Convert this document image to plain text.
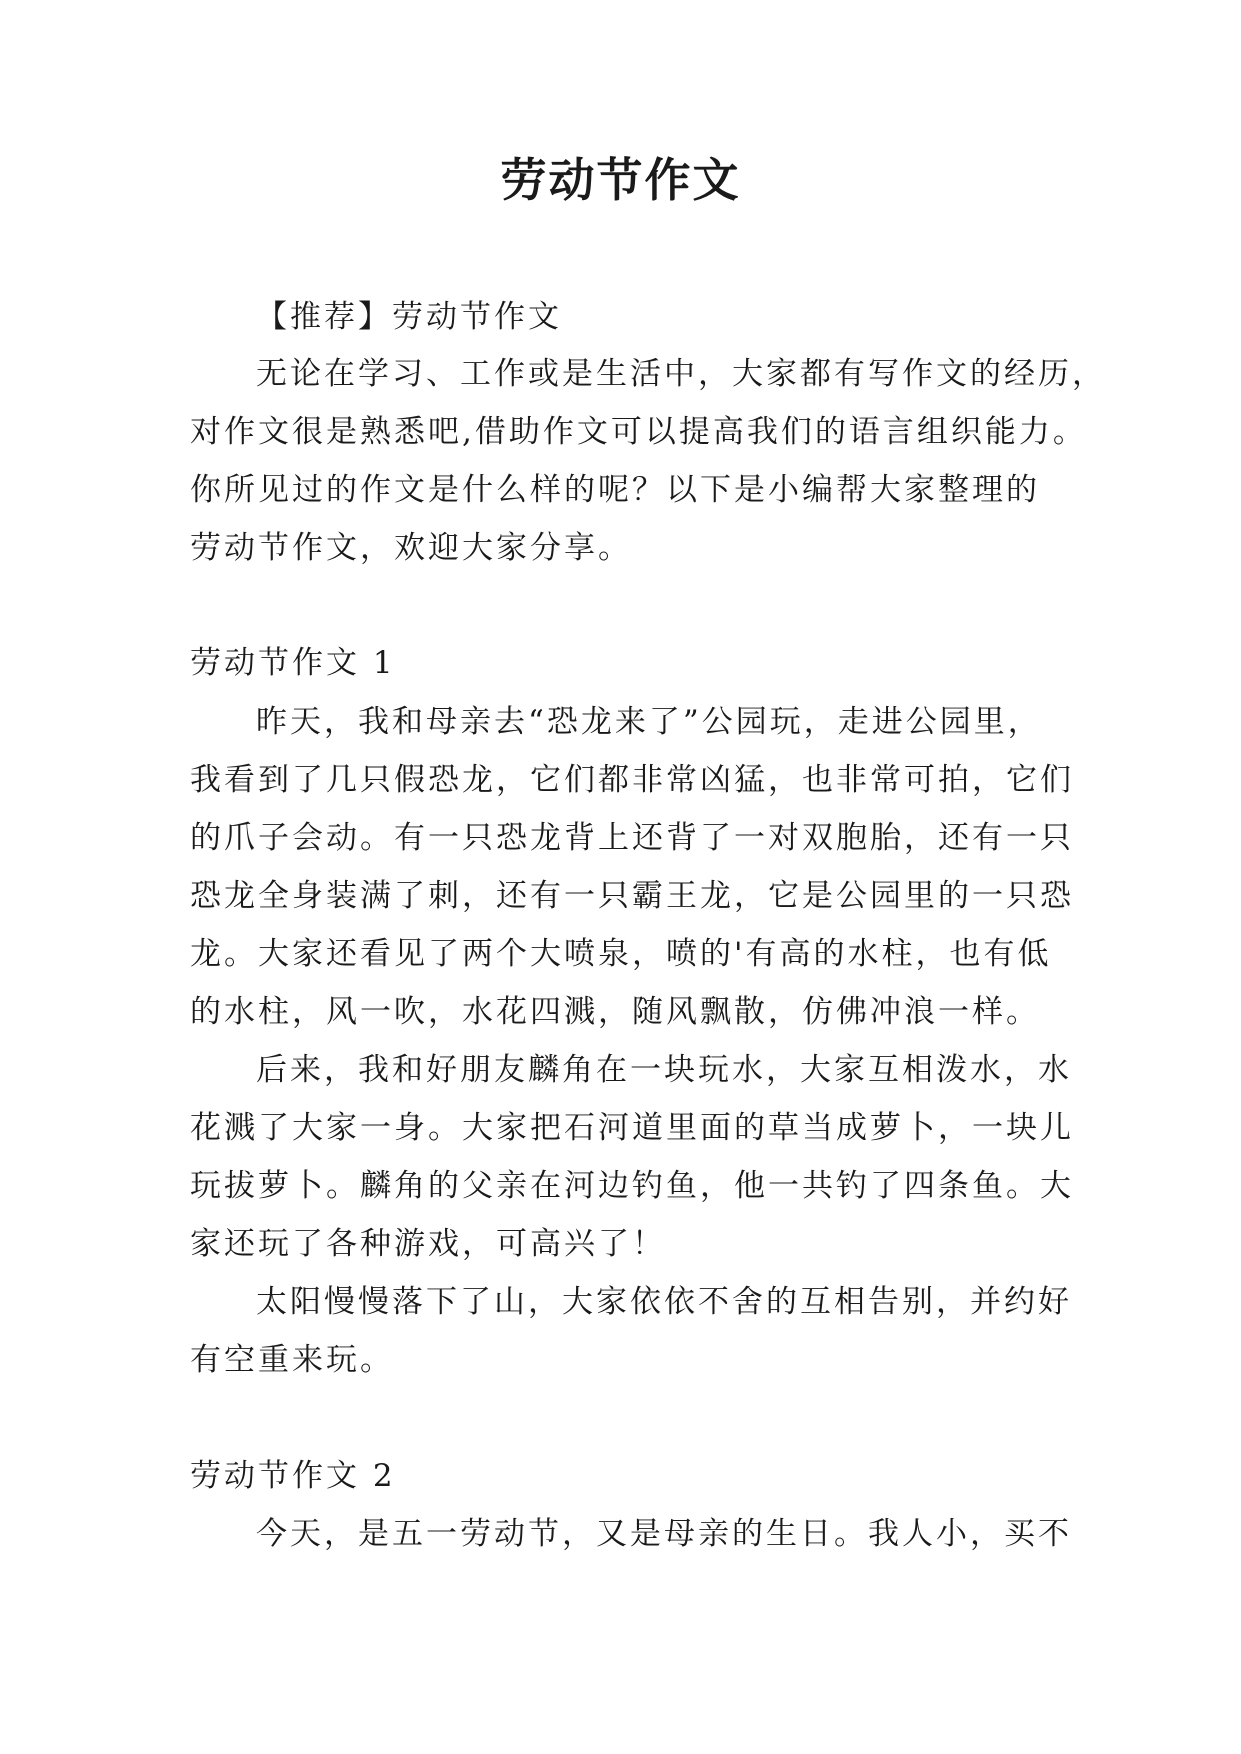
劳动节作文
【推荐】劳动节作文
无论在学习、工作或是生活中，大家都有写作文的经历，
对作文很是熟悉吧,借助作文可以提高我们的语言组织能力。
你所见过的作文是什么样的呢？以下是小编帮大家整理的
劳动节作文，欢迎大家分享。
劳动节作文 1
昨天，我和母亲去“恐龙来了”公园玩，走进公园里，
我看到了几只假恐龙，它们都非常凶猛，也非常可拍，它们
的爪子会动。有一只恐龙背上还背了一对双胞胎，还有一只
恐龙全身装满了刺，还有一只霸王龙，它是公园里的一只恐
龙。大家还看见了两个大喷泉，喷的'有高的水柱，也有低
的水柱，风一吹，水花四溅，随风飘散，仿佛冲浪一样。
后来，我和好朋友麟角在一块玩水，大家互相泼水，水
花溅了大家一身。大家把石河道里面的草当成萝卜，一块儿
玩拔萝卜。麟角的父亲在河边钓鱼，他一共钓了四条鱼。大
家还玩了各种游戏，可高兴了！
太阳慢慢落下了山，大家依依不舍的互相告别，并约好
有空重来玩。
劳动节作文 2
今天，是五一劳动节，又是母亲的生日。我人小，买不
